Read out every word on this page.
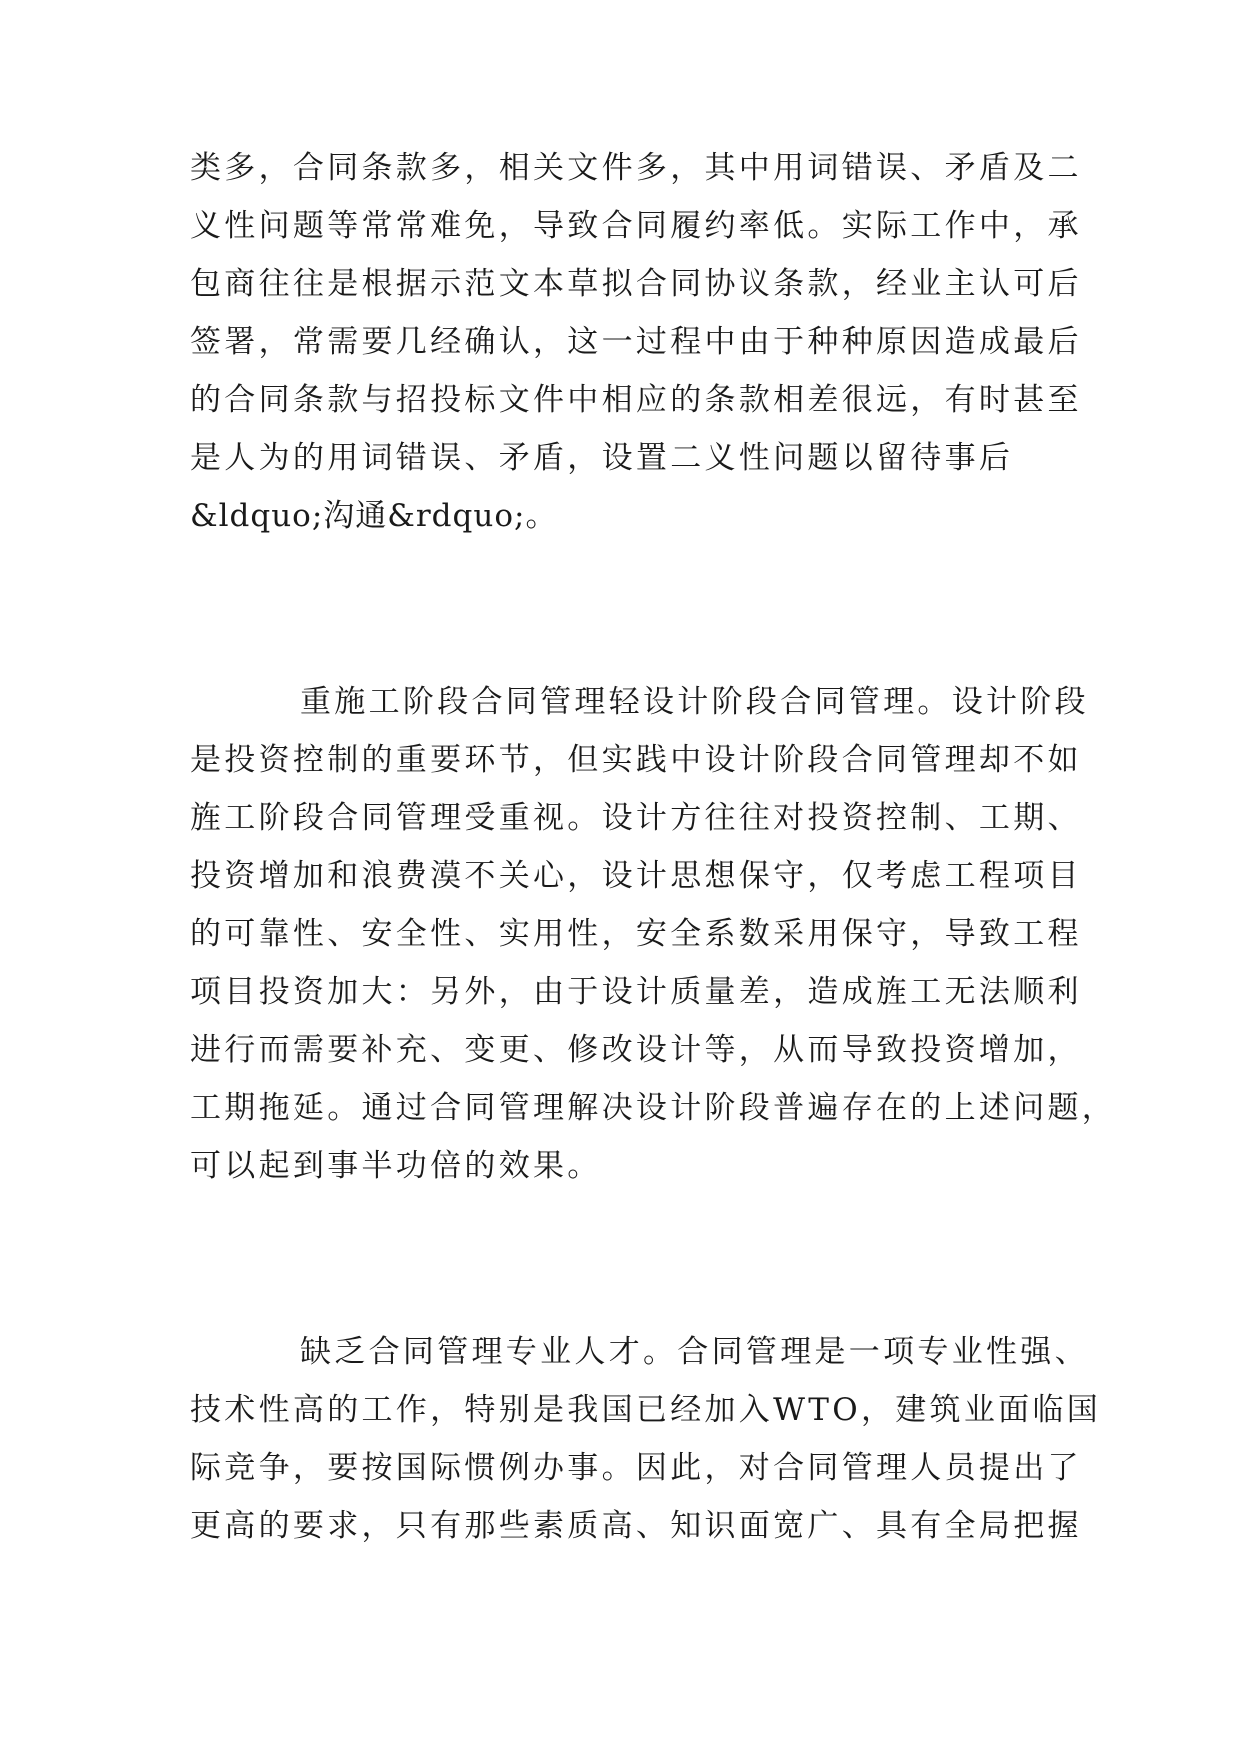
类多，合同条款多，相关文件多，其中用词错误、矛盾及二
义性问题等常常难免，导致合同履约率低。实际工作中，承
包商往往是根据示范文本草拟合同协议条款，经业主认可后
签署，常需要几经确认，这一过程中由于种种原因造成最后
的合同条款与招投标文件中相应的条款相差很远，有时甚至
是人为的用词错误、矛盾，设置二义性问题以留待事后
&ldquo;沟通&rdquo;。
重施工阶段合同管理轻设计阶段合同管理。设计阶段
是投资控制的重要环节，但实践中设计阶段合同管理却不如
旌工阶段合同管理受重视。设计方往往对投资控制、工期、
投资增加和浪费漠不关心，设计思想保守，仅考虑工程项目
的可靠性、安全性、实用性，安全系数采用保守，导致工程
项目投资加大：另外，由于设计质量差，造成旌工无法顺利
进行而需要补充、变更、修改设计等，从而导致投资增加，
工期拖延。通过合同管理解决设计阶段普遍存在的上述问题，
可以起到事半功倍的效果。
缺乏合同管理专业人才。合同管理是一项专业性强、
技术性高的工作，特别是我国已经加入WTO，建筑业面临国
际竞争，要按国际惯例办事。因此，对合同管理人员提出了
更高的要求，只有那些素质高、知识面宽广、具有全局把握
